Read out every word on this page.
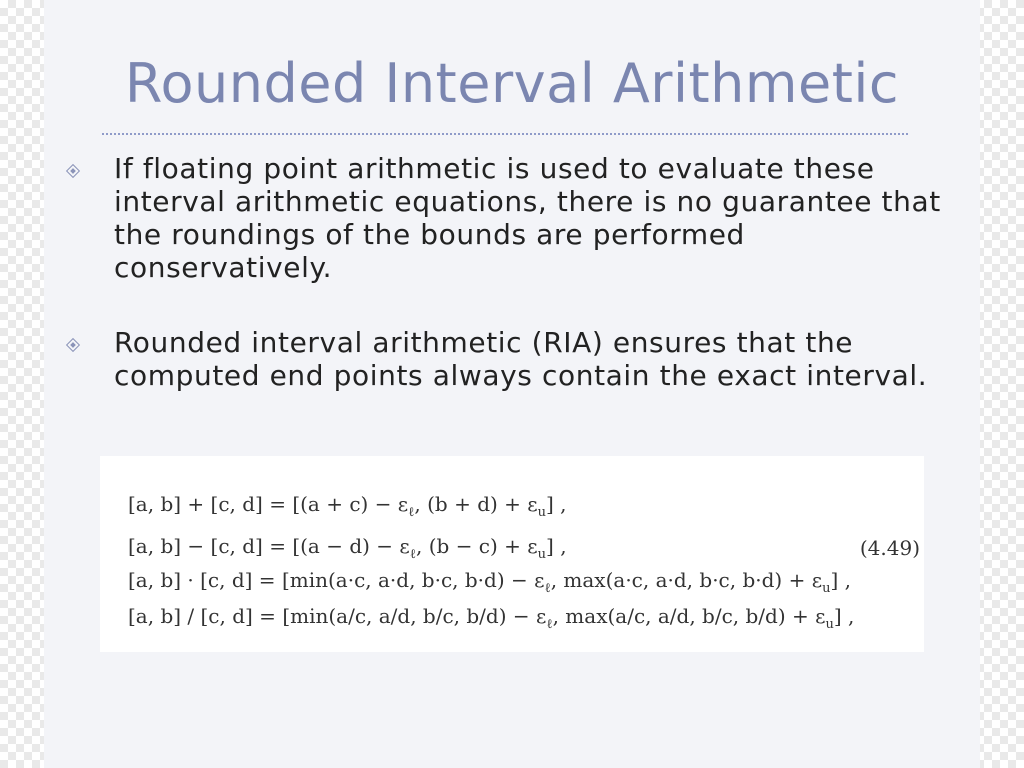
Rounded Interval Arithmetic
If floating point arithmetic is used to evaluate these interval arithmetic equations, there is no guarantee that the roundings of the bounds are performed conservatively.
Rounded interval arithmetic (RIA) ensures that the computed end points always contain the exact interval.
[a, b] + [c, $d] = [(a + c) - \varepsilon_\ell$, $(b + d) + \varepsilon_u$] ,
[a, b] − [c, $d] = [(a - d) - \varepsilon_\ell$, $(b - c) + \varepsilon_u$] ,
[a, b] · [c, d] = [min(a·c, a·d, b·c, $b\cdot d) - \varepsilon_\ell$, max(a·c, a·d, b·c, $b\cdot d) + \varepsilon_u$] ,
[a, b] / [c, d] = [min(a/c, a/d, b/c, $b/d) - \varepsilon_\ell$, max(a/c, a/d, b/c, $b/d) + \varepsilon_u$] ,
(4.49)
